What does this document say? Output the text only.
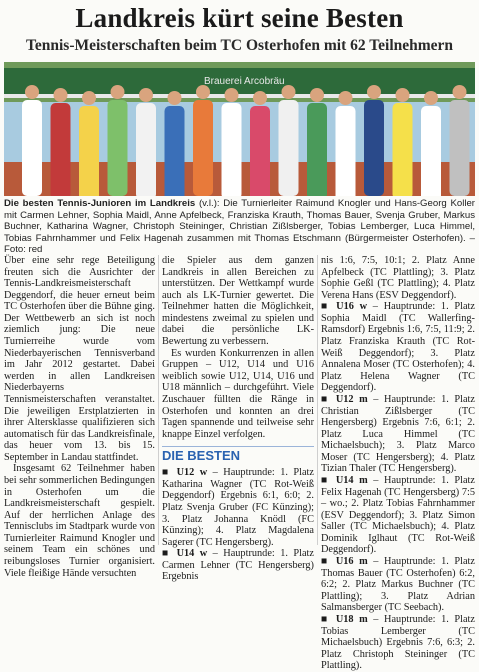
Landkreis kürt seine Besten
Tennis-Meisterschaften beim TC Osterhofen mit 62 Teilnehmern
Brauerei Arcobräu
Die besten Tennis-Junioren im Landkreis (v.l.): Die Turnierleiter Raimund Knogler und Hans-Georg Koller mit Carmen Lehner, Sophia Maidl, Anne Apfelbeck, Franziska Krauth, Thomas Bauer, Svenja Gruber, Markus Buchner, Katharina Wagner, Christoph Steininger, Christian Zißlsberger, Tobias Lemberger, Luca Himmel, Tobias Fahrnhammer und Felix Hagenah zusammen mit Thomas Etschmann (Bürgermeister Osterhofen). – Foto: red

Über eine sehr rege Beteiligung freuten sich die Ausrichter der Tennis-Landkreismeisterschaft Deggendorf, die heuer erneut beim TC Osterhofen über die Bühne ging. Der Wettbewerb an sich ist noch ziemlich jung: Die neue Turnierreihe wurde vom Niederbayerischen Tennisverband im Jahr 2012 gestartet. Dabei werden in allen Landkreisen Niederbayerns Tennismeisterschaften veranstaltet. Die jeweiligen Erstplatzierten in ihrer Altersklasse qualifizieren sich automatisch für das Landkreisfinale, das heuer vom 13. bis 15. September in Landau stattfindet.

Insgesamt 62 Teilnehmer haben bei sehr sommerlichen Bedingungen in Osterhofen um die Landkreismeisterschaft gespielt. Auf der herrlichen Anlage des Tennisclubs im Stadtpark wurde von Turnierleiter Raimund Knogler und seinem Team ein schönes und reibungsloses Turnier organisiert. Viele fleißige Hände versuchten

die Spieler aus dem ganzen Landkreis in allen Bereichen zu unterstützen. Der Wettkampf wurde auch als LK-Turnier gewertet. Die Teilnehmer hatten die Möglichkeit, mindestens zweimal zu spielen und dabei die persönliche LK-Bewertung zu verbessern.

Es wurden Konkurrenzen in allen Gruppen – U12, U14 und U16 weiblich sowie U12, U14, U16 und U18 männlich – durchgeführt. Viele Zuschauer füllten die Ränge in Osterhofen und konnten an drei Tagen spannende und teilweise sehr knappe Einzel verfolgen.

DIE BESTEN

■ U12 w – Hauptrunde: 1. Platz Katharina Wagner (TC Rot-Weiß Deggendorf) Ergebnis 6:1, 6:0; 2. Platz Svenja Gruber (FC Künzing); 3. Platz Johanna Knödl (FC Künzing); 4. Platz Magdalena Sagerer (TC Hengersberg).

■ U14 w – Hauptrunde: 1. Platz Carmen Lehner (TC Hengersberg) Ergebnis

nis 1:6, 7:5, 10:1; 2. Platz Anne Apfelbeck (TC Plattling); 3. Platz Sophie Geßl (TC Plattling); 4. Platz Verena Hans (ESV Deggendorf).

■ U16 w – Hauptrunde: 1. Platz Sophia Maidl (TC Wallerfing-Ramsdorf) Ergebnis 1:6, 7:5, 11:9; 2. Platz Franziska Krauth (TC Rot-Weiß Deggendorf); 3. Platz Annalena Moser (TC Osterhofen); 4. Platz Helena Wagner (TC Deggendorf).

■ U12 m – Hauptrunde: 1. Platz Christian Zißlsberger (TC Hengersberg) Ergebnis 7:6, 6:1; 2. Platz Luca Himmel (TC Michaelsbuch); 3. Platz Marco Moser (TC Hengersberg); 4. Platz Tizian Thaler (TC Hengersberg).

■ U14 m – Hauptrunde: 1. Platz Felix Hagenah (TC Hengersberg) 7:5 – wo.; 2. Platz Tobias Fahrnhammer (ESV Deggendorf); 3. Platz Simon Saller (TC Michaelsbuch); 4. Platz Dominik Iglhaut (TC Rot-Weiß Deggendorf).

■ U16 m – Hauptrunde: 1. Platz Thomas Bauer (TC Osterhofen) 6:2, 6:2; 2. Platz Markus Buchner (TC Plattling); 3. Platz Adrian Salmansberger (TC Seebach).

■ U18 m – Hauptrunde: 1. Platz Tobias Lemberger (TC Michaelsbuch) Ergebnis 7:6, 6:3; 2. Platz Christoph Steininger (TC Plattling).
